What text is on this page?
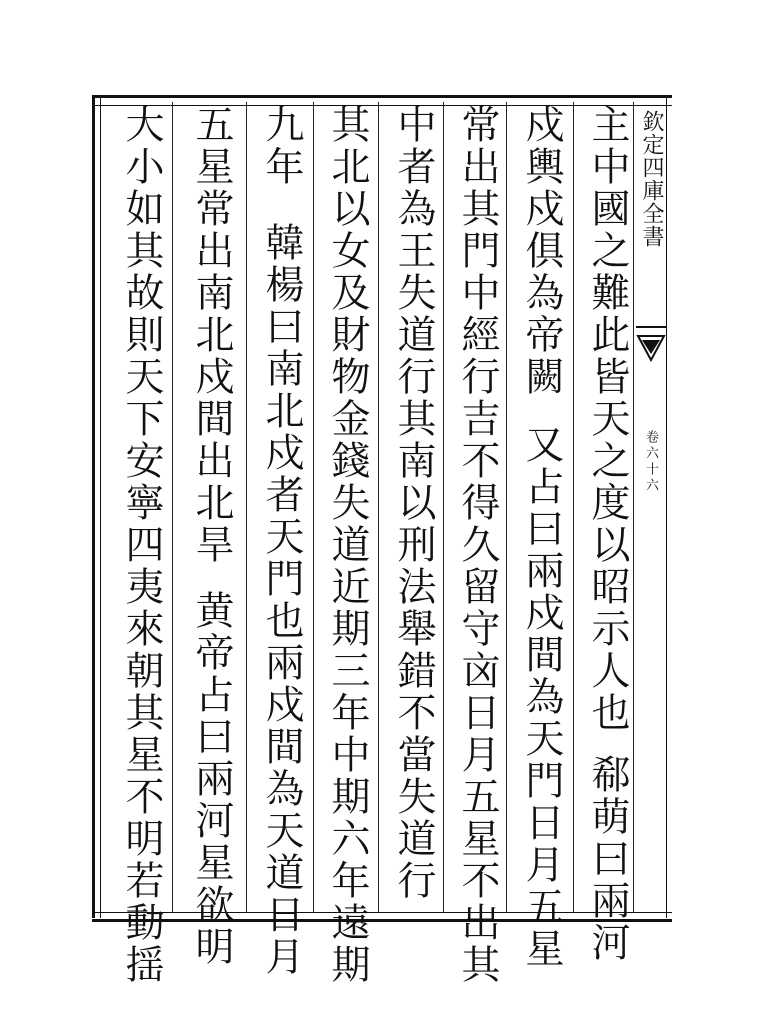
欽定四庫全書
卷六十六
主中國之難此皆天之度以昭示人也郗萌曰兩河
戍輿戍俱為帝闕又占曰兩戍間為天門日月五星
常出其門中經行吉不得久留守㐫日月五星不出其
中者為王失道行其南以刑法舉錯不當失道行
其北以女及財物金錢失道近期三年中期六年遠期
九年韓楊曰南北戍者天門也兩戍間為天道日月
五星常出南北戍間出北旱黄帝占曰兩河星欲明
大小如其故則天下安寧四夷來朝其星不明若動揺
